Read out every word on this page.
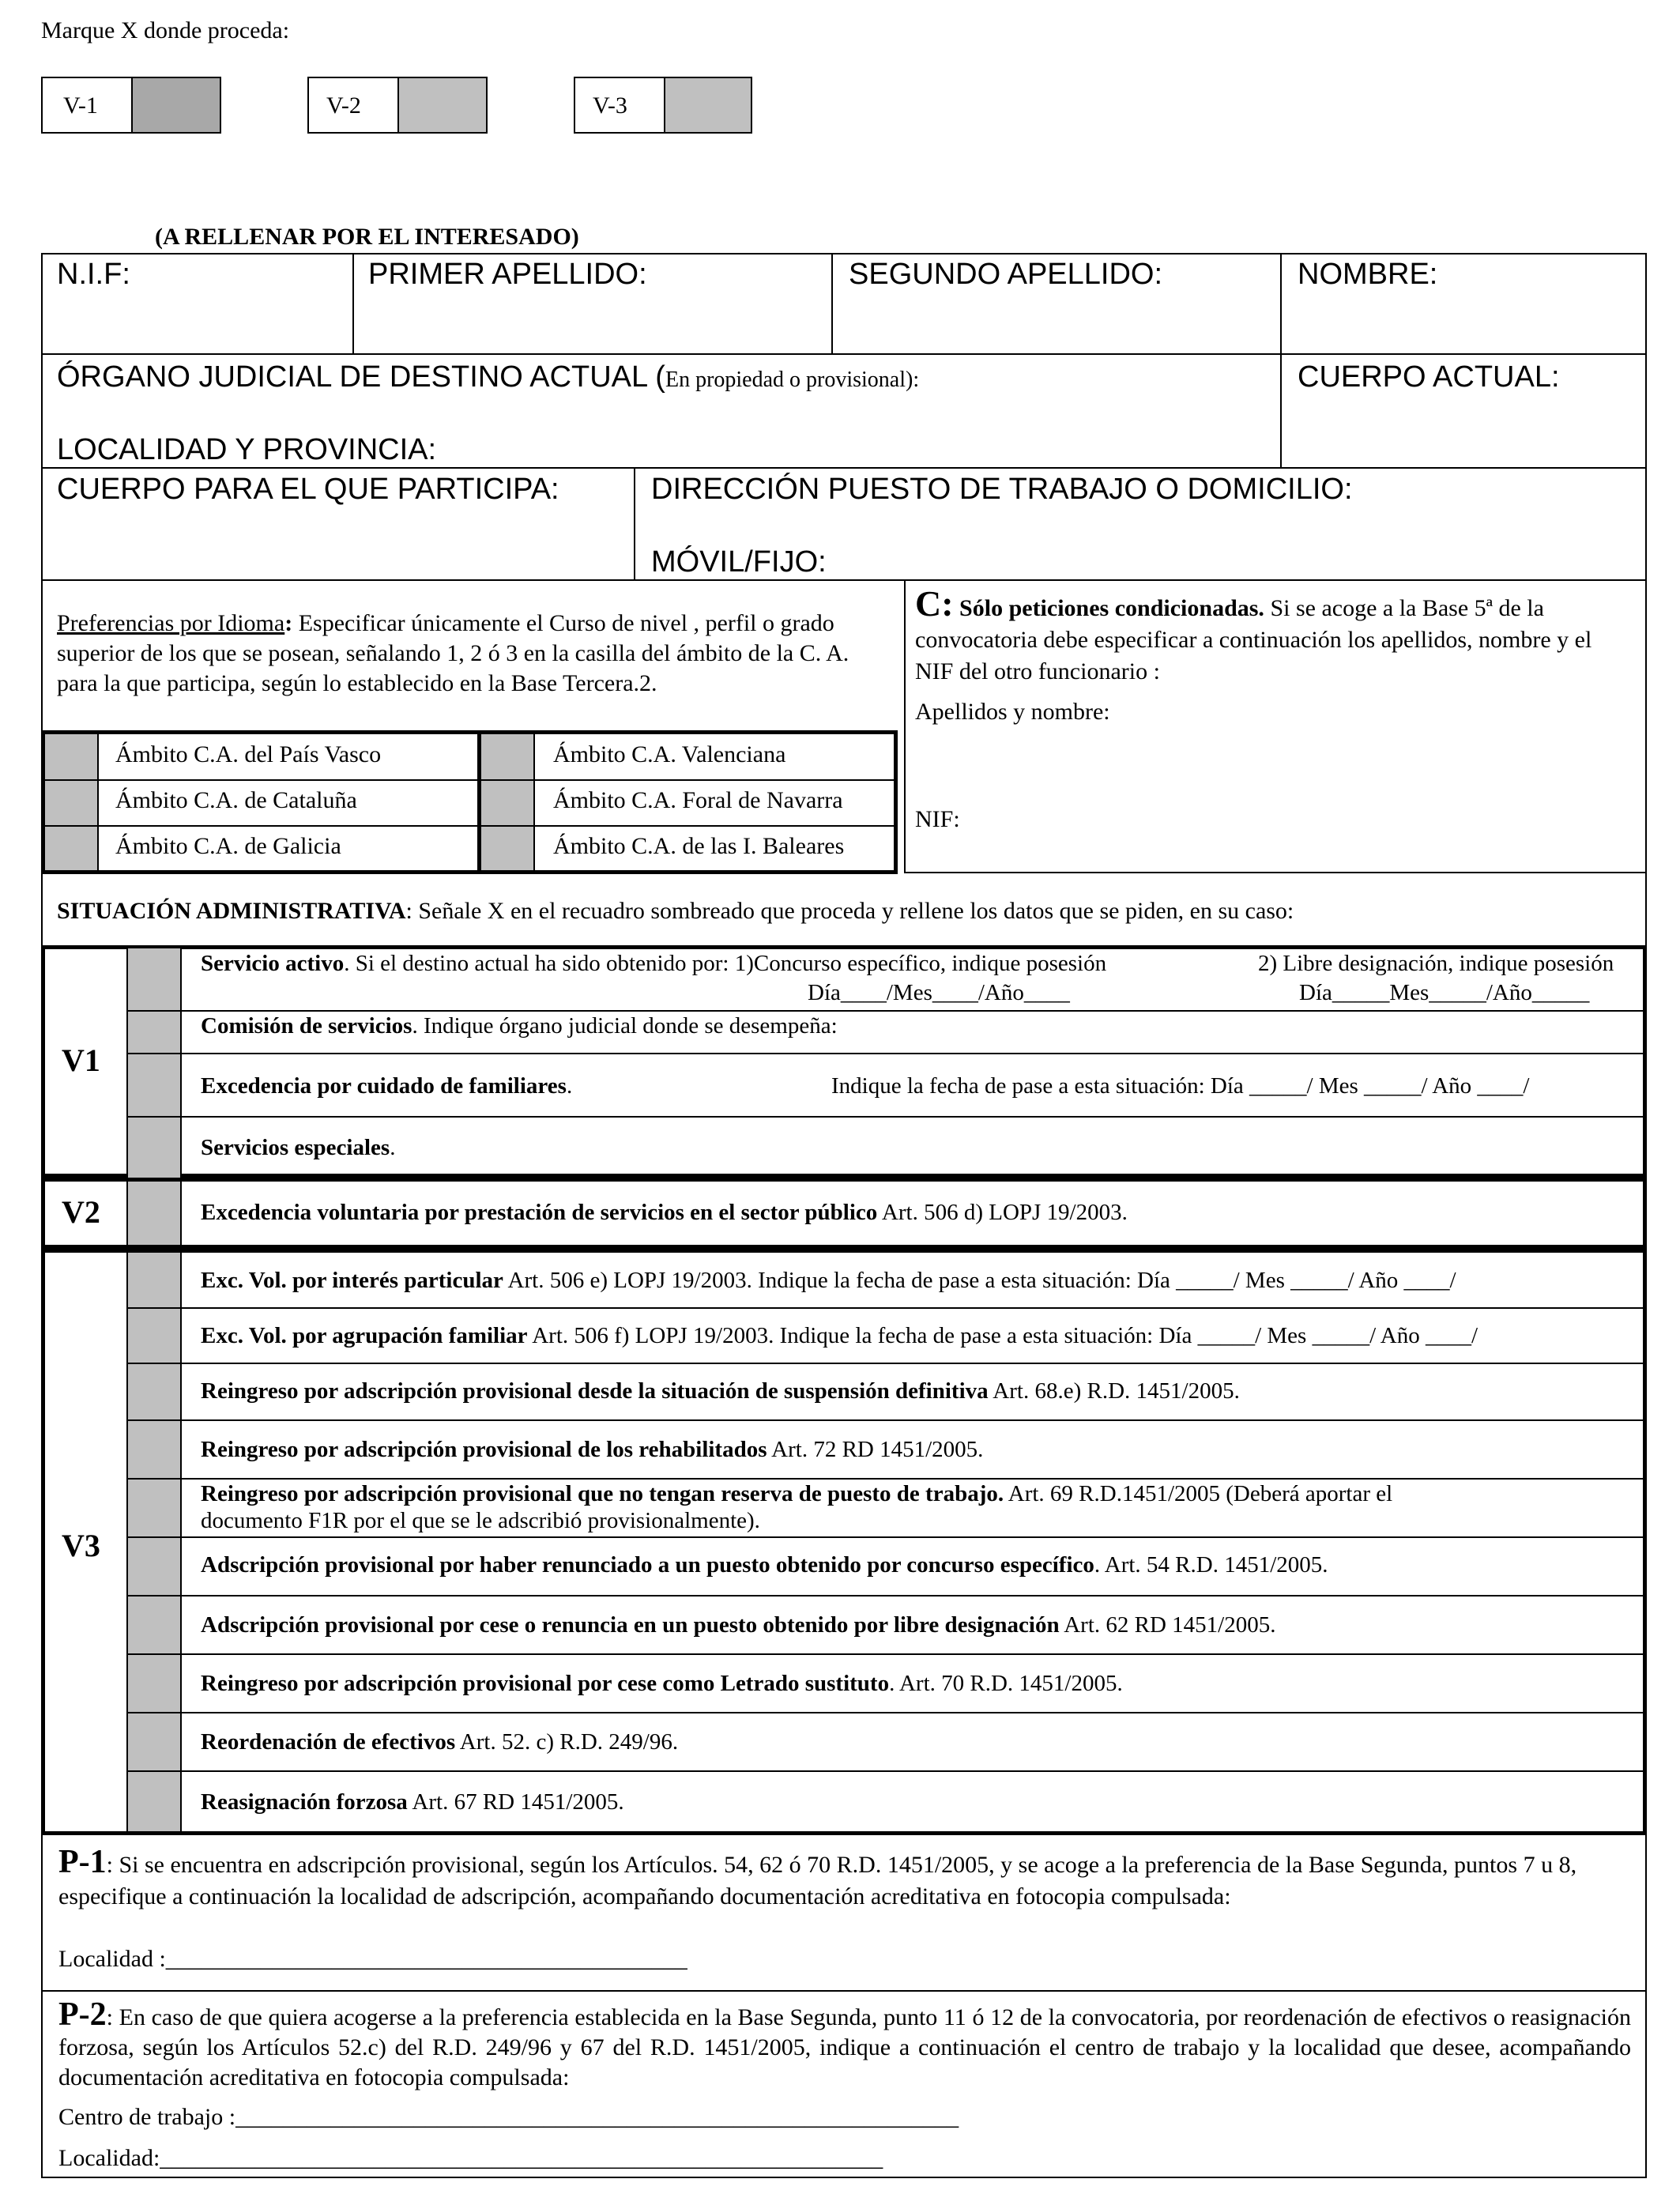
Marque X donde proceda:
V-1	V-2	V-3
(A RELLENAR POR EL INTERESADO)
N.I.F:	PRIMER APELLIDO:	SEGUNDO APELLIDO:	NOMBRE:
ÓRGANO JUDICIAL DE DESTINO ACTUAL (En propiedad o provisional):	CUERPO ACTUAL:
LOCALIDAD Y PROVINCIA:
CUERPO PARA EL QUE PARTICIPA:	DIRECCIÓN PUESTO DE TRABAJO O DOMICILIO:
MÓVIL/FIJO:
Preferencias por Idioma: Especificar únicamente el Curso de nivel , perfil o grado superior de los que se posean, señalando 1, 2 ó 3 en la casilla del ámbito de la C. A. para la que participa, según lo establecido en la Base Tercera.2.
Ámbito C.A. del País Vasco
Ámbito C.A. de Cataluña
Ámbito C.A. de Galicia
Ámbito C.A. Valenciana
Ámbito C.A. Foral de Navarra
Ámbito C.A. de las I. Baleares
C: Sólo peticiones condicionadas. Si se acoge a la Base 5ª de la convocatoria debe especificar a continuación los apellidos, nombre y el NIF del otro funcionario :
Apellidos y nombre:
NIF:
SITUACIÓN ADMINISTRATIVA: Señale X en el recuadro sombreado que proceda y rellene los datos que se piden, en su caso:
V1
Servicio activo. Si el destino actual ha sido obtenido por: 1)Concurso específico, indique posesión	2) Libre designación, indique posesión
Día____/Mes____/Año____	Día_____Mes_____/Año_____
Comisión de servicios. Indique órgano judicial donde se desempeña:
Excedencia por cuidado de familiares.	Indique la fecha de pase a esta situación: Día _____/ Mes _____/ Año ____/
Servicios especiales.
V2	Excedencia voluntaria por prestación de servicios en el sector público Art. 506 d) LOPJ 19/2003.
V3
Exc. Vol. por interés particular Art. 506 e) LOPJ 19/2003. Indique la fecha de pase a esta situación: Día _____/ Mes _____/ Año ____/
Exc. Vol. por agrupación familiar Art. 506 f) LOPJ 19/2003. Indique la fecha de pase a esta situación: Día _____/ Mes _____/ Año ____/
Reingreso por adscripción provisional desde la situación de suspensión definitiva Art. 68.e) R.D. 1451/2005.
Reingreso por adscripción provisional de los rehabilitados Art. 72 RD 1451/2005.
Reingreso por adscripción provisional que no tengan reserva de puesto de trabajo. Art. 69 R.D.1451/2005 (Deberá aportar el
documento F1R por el que se le adscribió provisionalmente).
Adscripción provisional por haber renunciado a un puesto obtenido por concurso específico. Art. 54 R.D. 1451/2005.
Adscripción provisional por cese o renuncia en un puesto obtenido por libre designación Art. 62 RD 1451/2005.
Reingreso por adscripción provisional por cese como Letrado sustituto. Art. 70 R.D. 1451/2005.
Reordenación de efectivos Art. 52. c) R.D. 249/96.
Reasignación forzosa Art. 67 RD 1451/2005.
P-1: Si se encuentra en adscripción provisional, según los Artículos. 54, 62 ó 70 R.D. 1451/2005, y se acoge a la preferencia de la Base Segunda, puntos 7 u 8, especifique a continuación la localidad de adscripción, acompañando documentación acreditativa en fotocopia compulsada:
Localidad :____________________________________________
P-2: En caso de que quiera acogerse a la preferencia establecida en la Base Segunda, punto 11 ó 12 de la convocatoria, por reordenación de efectivos o reasignación forzosa, según los Artículos 52.c) del R.D. 249/96 y 67 del R.D. 1451/2005, indique a continuación el centro de trabajo y la localidad que desee, acompañando documentación acreditativa en fotocopia compulsada:
Centro de trabajo :_____________________________________________________________
Localidad:_____________________________________________________________
